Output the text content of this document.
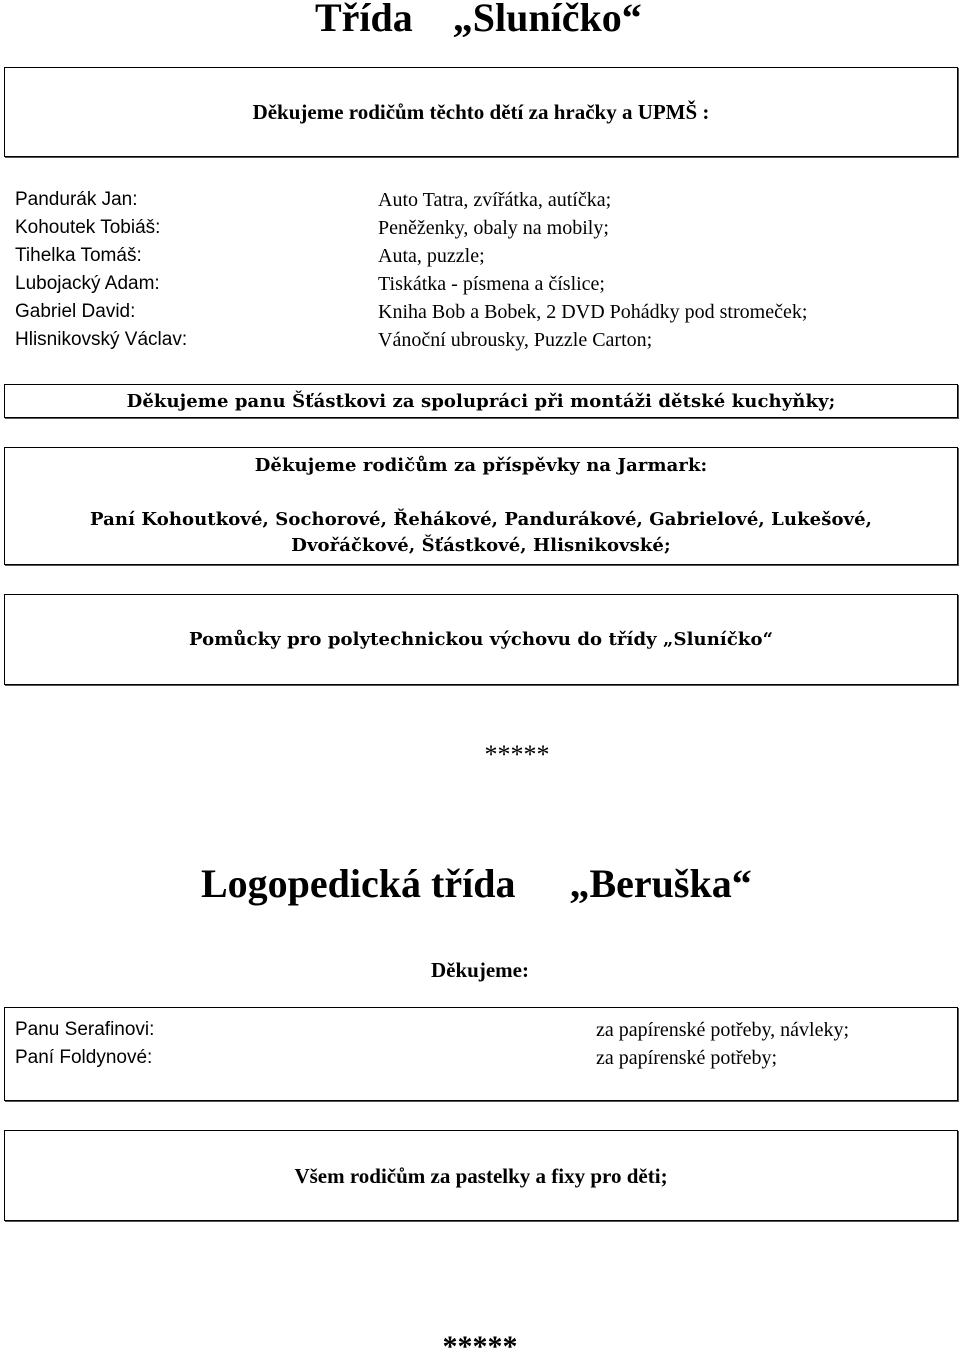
Třída „Sluníčko“
Děkujeme rodičům těchto dětí za hračky a UPMŠ :
Pandurák Jan:	Auto Tatra, zvířátka, autíčka;
Kohoutek Tobiáš:	Peněženky, obaly na mobily;
Tihelka Tomáš:	Auta, puzzle;
Lubojacký Adam:	Tiskátka - písmena a číslice;
Gabriel David:	Kniha Bob a Bobek, 2 DVD Pohádky pod stromeček;
Hlisnikovský Václav:	Vánoční ubrousky, Puzzle Carton;
Děkujeme panu Šťástkovi za spolupráci při montáži dětské kuchyňky;
Děkujeme rodičům za příspěvky na Jarmark:
Paní Kohoutkové, Sochorové, Řehákové, Pandurákové, Gabrielové, Lukešové,
Dvořáčkové, Šťástkové, Hlisnikovské;
Pomůcky pro polytechnickou výchovu do třídy „Sluníčko“
*****
Logopedická třída „Beruška“
Děkujeme:
Panu Serafinovi:	za papírenské potřeby, návleky;
Paní Foldynové:	za papírenské potřeby;
Všem rodičům za pastelky a fixy pro děti;
*****
